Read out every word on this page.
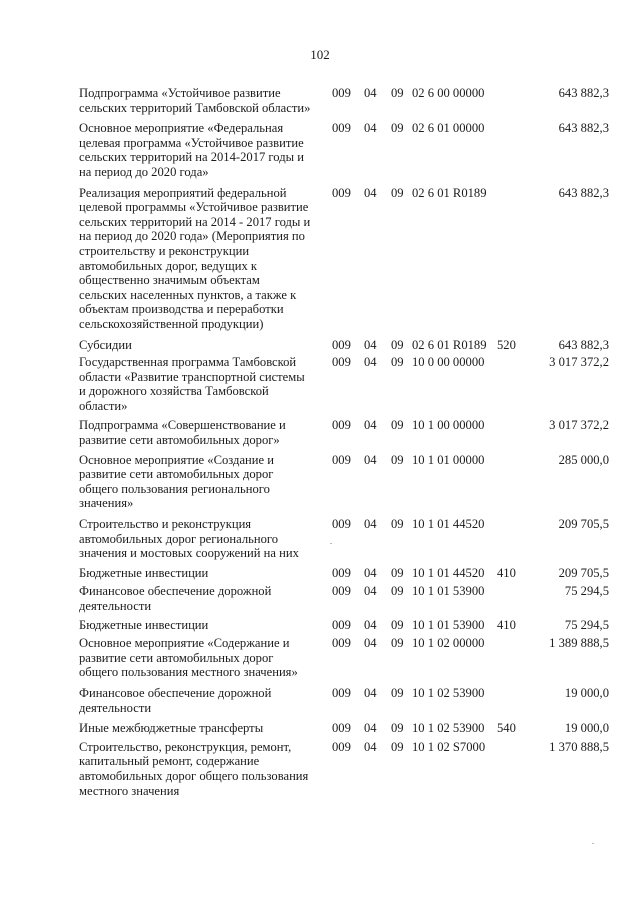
102
Подпрограмма «Устойчивое развитие сельских территорий Тамбовской области»
009 04 09 02 6 00 00000	643 882,3
Основное мероприятие «Федеральная целевая программа «Устойчивое развитие сельских территорий на 2014-2017 годы и на период до 2020 года»
009 04 09 02 6 01 00000	643 882,3
Реализация мероприятий федеральной целевой программы «Устойчивое развитие сельских территорий на 2014 - 2017 годы и на период до 2020 года» (Мероприятия по строительству и реконструкции автомобильных дорог, ведущих к общественно значимым объектам сельских населенных пунктов, а также к объектам производства и переработки сельскохозяйственной продукции)
009 04 09 02 6 01 R0189	643 882,3
Субсидии	009 04 09 02 6 01 R0189 520	643 882,3
Государственная программа Тамбовской области «Развитие транспортной системы и дорожного хозяйства Тамбовской области»
009 04 09 10 0 00 00000	3 017 372,2
Подпрограмма «Совершенствование и развитие сети автомобильных дорог»
009 04 09 10 1 00 00000	3 017 372,2
Основное мероприятие «Создание и развитие сети автомобильных дорог общего пользования регионального значения»
009 04 09 10 1 01 00000	285 000,0
Строительство и реконструкция автомобильных дорог регионального значения и мостовых сооружений на них
009 04 09 10 1 01 44520	209 705,5
Бюджетные инвестиции	009 04 09 10 1 01 44520 410	209 705,5
Финансовое обеспечение дорожной деятельности
009 04 09 10 1 01 53900	75 294,5
Бюджетные инвестиции	009 04 09 10 1 01 53900 410	75 294,5
Основное мероприятие «Содержание и развитие сети автомобильных дорог общего пользования местного значения»
009 04 09 10 1 02 00000	1 389 888,5
Финансовое обеспечение дорожной деятельности
009 04 09 10 1 02 53900	19 000,0
Иные межбюджетные трансферты	009 04 09 10 1 02 53900 540	19 000,0
Строительство, реконструкция, ремонт, капитальный ремонт, содержание автомобильных дорог общего пользования местного значения
009 04 09 10 1 02 S7000	1 370 888,5
